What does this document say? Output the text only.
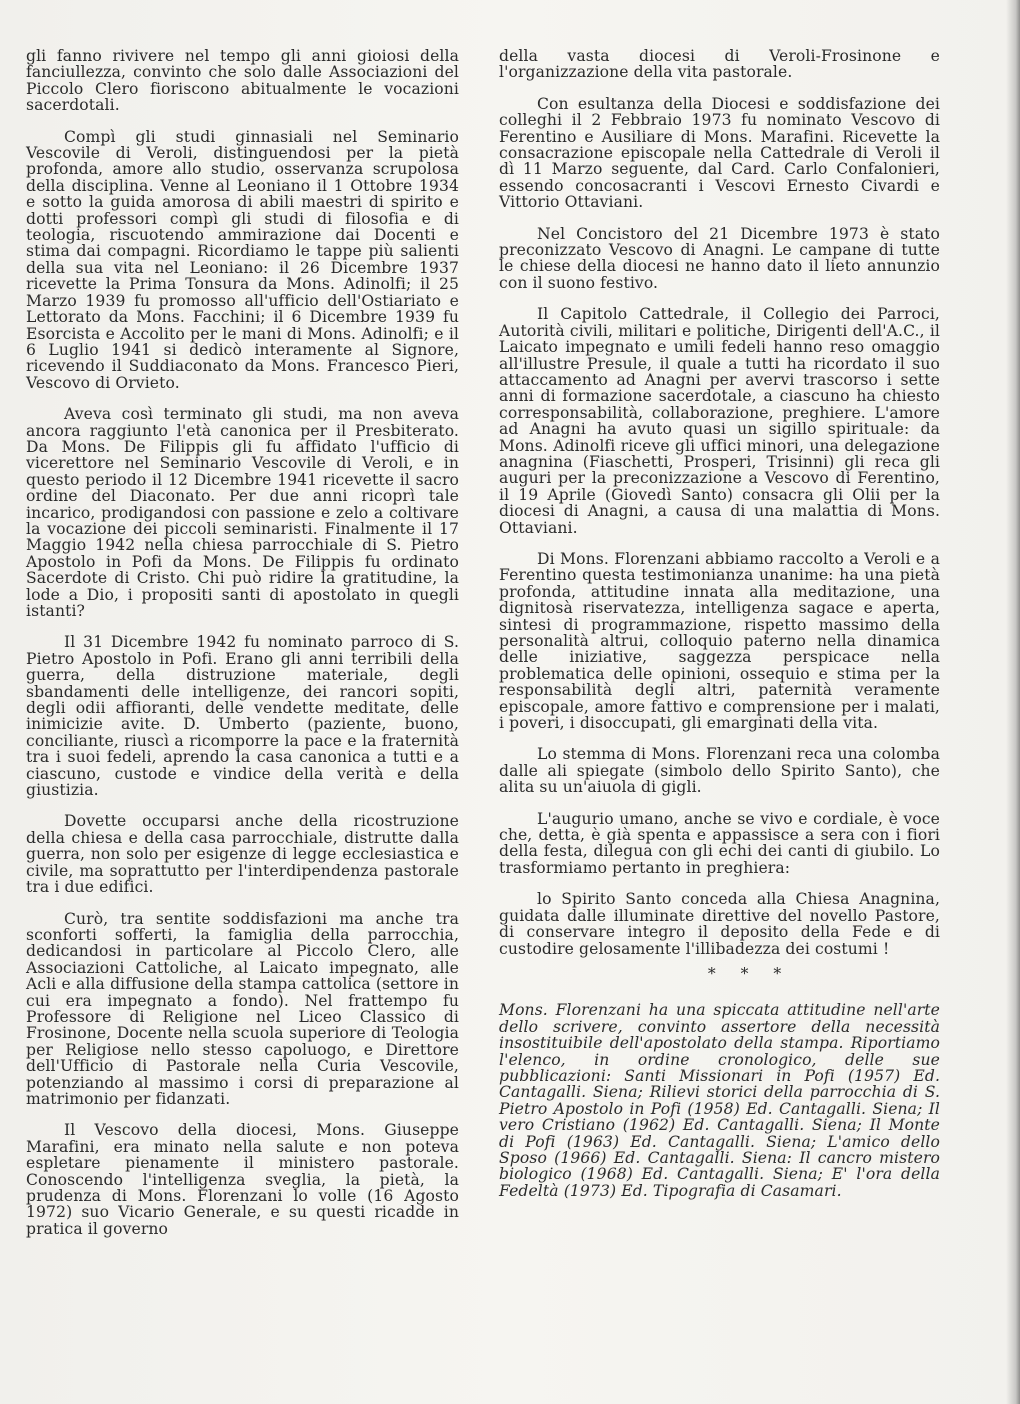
gli fanno rivivere nel tempo gli anni gioiosi della fanciullezza, convinto che solo dalle Associazioni del Piccolo Clero fioriscono abitualmente le vocazioni sacerdotali.

Compì gli studi ginnasiali nel Seminario Vescovile di Veroli, distinguendosi per la pietà profonda, amore allo studio, osservanza scrupolosa della disciplina. Venne al Leoniano il 1 Ottobre 1934 e sotto la guida amorosa di abili maestri di spirito e dotti professori compì gli studi di filosofia e di teologia, riscuotendo ammirazione dai Docenti e stima dai compagni. Ricordiamo le tappe più salienti della sua vita nel Leoniano: il 26 Dicembre 1937 ricevette la Prima Tonsura da Mons. Adinolfi; il 25 Marzo 1939 fu promosso all'ufficio dell'Ostiariato e Lettorato da Mons. Facchini; il 6 Dicembre 1939 fu Esorcista e Accolito per le mani di Mons. Adinolfi; e il 6 Luglio 1941 si dedicò interamente al Signore, ricevendo il Suddiaconato da Mons. Francesco Pieri, Vescovo di Orvieto.

Aveva così terminato gli studi, ma non aveva ancora raggiunto l'età canonica per il Presbiterato. Da Mons. De Filippis gli fu affidato l'ufficio di vicerettore nel Seminario Vescovile di Veroli, e in questo periodo il 12 Dicembre 1941 ricevette il sacro ordine del Diaconato. Per due anni ricoprì tale incarico, prodigandosi con passione e zelo a coltivare la vocazione dei piccoli seminaristi. Finalmente il 17 Maggio 1942 nella chiesa parrocchiale di S. Pietro Apostolo in Pofi da Mons. De Filippis fu ordinato Sacerdote di Cristo. Chi può ridire la gratitudine, la lode a Dio, i propositi santi di apostolato in quegli istanti?

Il 31 Dicembre 1942 fu nominato parroco di S. Pietro Apostolo in Pofi. Erano gli anni terribili della guerra, della distruzione materiale, degli sbandamenti delle intelligenze, dei rancori sopiti, degli odii affioranti, delle vendette meditate, delle inimicizie avite. D. Umberto (paziente, buono, conciliante, riuscì a ricomporre la pace e la fraternità tra i suoi fedeli, aprendo la casa canonica a tutti e a ciascuno, custode e vindice della verità e della giustizia.

Dovette occuparsi anche della ricostruzione della chiesa e della casa parrocchiale, distrutte dalla guerra, non solo per esigenze di legge ecclesiastica e civile, ma soprattutto per l'interdipendenza pastorale tra i due edifici.

Curò, tra sentite soddisfazioni ma anche tra sconforti sofferti, la famiglia della parrocchia, dedicandosi in particolare al Piccolo Clero, alle Associazioni Cattoliche, al Laicato impegnato, alle Acli e alla diffusione della stampa cattolica (settore in cui era impegnato a fondo). Nel frattempo fu Professore di Religione nel Liceo Classico di Frosinone, Docente nella scuola superiore di Teologia per Religiose nello stesso capoluogo, e Direttore dell'Ufficio di Pastorale nella Curia Vescovile, potenziando al massimo i corsi di preparazione al matrimonio per fidanzati.

Il Vescovo della diocesi, Mons. Giuseppe Marafini, era minato nella salute e non poteva espletare pienamente il ministero pastorale. Conoscendo l'intelligenza sveglia, la pietà, la prudenza di Mons. Florenzani lo volle (16 Agosto 1972) suo Vicario Generale, e su questi ricadde in pratica il governo

della vasta diocesi di Veroli-Frosinone e l'organizzazione della vita pastorale.

Con esultanza della Diocesi e soddisfazione dei colleghi il 2 Febbraio 1973 fu nominato Vescovo di Ferentino e Ausiliare di Mons. Marafini. Ricevette la consacrazione episcopale nella Cattedrale di Veroli il dì 11 Marzo seguente, dal Card. Carlo Confalonieri, essendo concosacranti i Vescovi Ernesto Civardi e Vittorio Ottaviani.

Nel Concistoro del 21 Dicembre 1973 è stato preconizzato Vescovo di Anagni. Le campane di tutte le chiese della diocesi ne hanno dato il lieto annunzio con il suono festivo.

Il Capitolo Cattedrale, il Collegio dei Parroci, Autorità civili, militari e politiche, Dirigenti dell'A.C., il Laicato impegnato e umili fedeli hanno reso omaggio all'illustre Presule, il quale a tutti ha ricordato il suo attaccamento ad Anagni per avervi trascorso i sette anni di formazione sacerdotale, a ciascuno ha chiesto corresponsabilità, collaborazione, preghiere. L'amore ad Anagni ha avuto quasi un sigillo spirituale: da Mons. Adinolfi riceve gli uffici minori, una delegazione anagnina (Fiaschetti, Prosperi, Trisinni) gli reca gli auguri per la preconizzazione a Vescovo di Ferentino, il 19 Aprile (Giovedì Santo) consacra gli Olii per la diocesi di Anagni, a causa di una malattia di Mons. Ottaviani.

Di Mons. Florenzani abbiamo raccolto a Veroli e a Ferentino questa testimonianza unanime: ha una pietà profonda, attitudine innata alla meditazione, una dignitosà riservatezza, intelligenza sagace e aperta, sintesi di programmazione, rispetto massimo della personalità altrui, colloquio paterno nella dinamica delle iniziative, saggezza perspicace nella problematica delle opinioni, ossequio e stima per la responsabilità degli altri, paternità veramente episcopale, amore fattivo e comprensione per i malati, i poveri, i disoccupati, gli emarginati della vita.

Lo stemma di Mons. Florenzani reca una colomba dalle ali spiegate (simbolo dello Spirito Santo), che alita su un'aiuola di gigli.

L'augurio umano, anche se vivo e cordiale, è voce che, detta, è già spenta e appassisce a sera con i fiori della festa, dilegua con gli echi dei canti di giubilo. Lo trasformiamo pertanto in preghiera:

lo Spirito Santo conceda alla Chiesa Anagnina, guidata dalle illuminate direttive del novello Pastore, di conservare integro il deposito della Fede e di custodire gelosamente l'illibadezza dei costumi !

* * *

Mons. Florenzani ha una spiccata attitudine nell'arte dello scrivere, convinto assertore della necessità insostituibile dell'apostolato della stampa. Riportiamo l'elenco, in ordine cronologico, delle sue pubblicazioni: Santi Missionari in Pofi (1957) Ed. Cantagalli. Siena; Rilievi storici della parrocchia di S. Pietro Apostolo in Pofi (1958) Ed. Cantagalli. Siena; Il vero Cristiano (1962) Ed. Cantagalli. Siena; Il Monte di Pofi (1963) Ed. Cantagalli. Siena; L'amico dello Sposo (1966) Ed. Cantagalli. Siena: Il cancro mistero biologico (1968) Ed. Cantagalli. Siena; E' l'ora della Fedeltà (1973) Ed. Tipografia di Casamari.
